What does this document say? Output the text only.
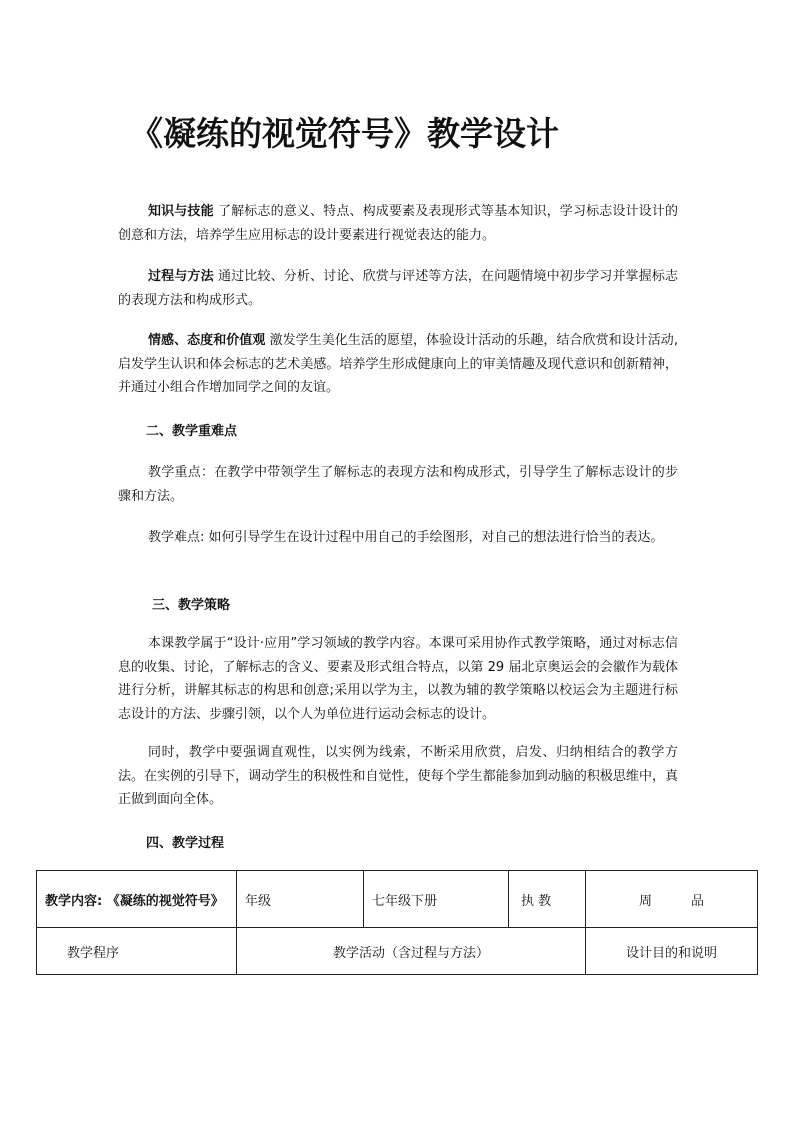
《凝练的视觉符号》教学设计
知识与技能 了解标志的意义、特点、构成要素及表现形式等基本知识，学习标志设计设计的创意和方法，培养学生应用标志的设计要素进行视觉表达的能力。
过程与方法 通过比较、分析、讨论、欣赏与评述等方法，在问题情境中初步学习并掌握标志的表现方法和构成形式。
情感、态度和价值观 激发学生美化生活的愿望，体验设计活动的乐趣，结合欣赏和设计活动,启发学生认识和体会标志的艺术美感。培养学生形成健康向上的审美情趣及现代意识和创新精神，并通过小组合作增加同学之间的友谊。
二、教学重难点
教学重点：在教学中带领学生了解标志的表现方法和构成形式，引导学生了解标志设计的步骤和方法。
教学难点: 如何引导学生在设计过程中用自己的手绘图形，对自己的想法进行恰当的表达。
三、教学策略
本课教学属于“设计·应用”学习领域的教学内容。本课可采用协作式教学策略，通过对标志信息的收集、讨论，了解标志的含义、要素及形式组合特点，以第 29 届北京奥运会的会徽作为载体进行分析，讲解其标志的构思和创意;采用以学为主，以教为辅的教学策略以校运会为主题进行标志设计的方法、步骤引领，以个人为单位进行运动会标志的设计。
同时，教学中要强调直观性，以实例为线索，不断采用欣赏，启发、归纳相结合的教学方法。在实例的引导下，调动学生的积极性和自觉性，使每个学生都能参加到动脑的积极思维中，真正做到面向全体。
四、教学过程
教学内容: 《凝练的视觉符号》	年级	七年级下册	执 教	周　　　品
教学程序	教学活动（含过程与方法）			设计目的和说明
